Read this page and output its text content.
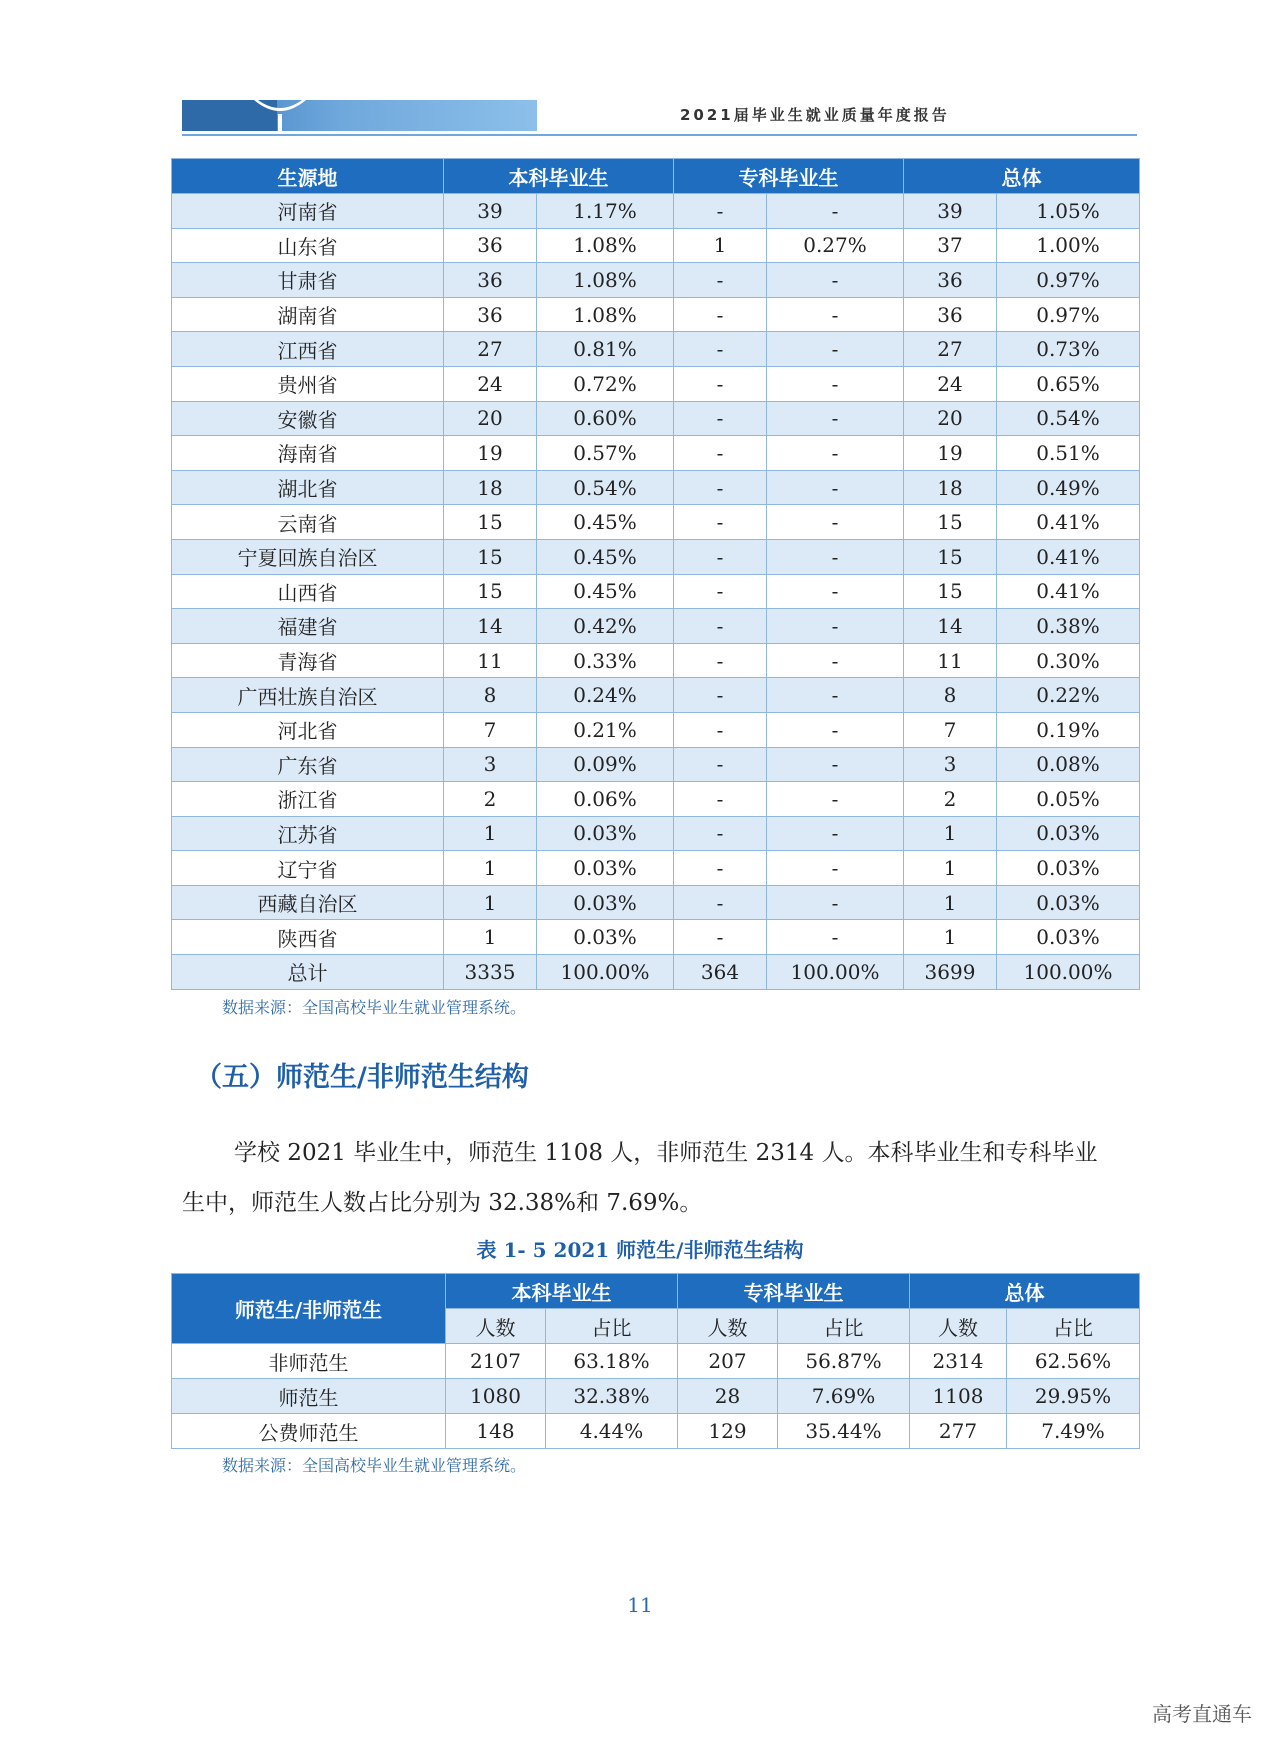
2021届毕业生就业质量年度报告
生源地	本科毕业生		专科毕业生		总体	
河南省	39	1.17%	-	-	39	1.05%
山东省	36	1.08%	1	0.27%	37	1.00%
甘肃省	36	1.08%	-	-	36	0.97%
湖南省	36	1.08%	-	-	36	0.97%
江西省	27	0.81%	-	-	27	0.73%
贵州省	24	0.72%	-	-	24	0.65%
安徽省	20	0.60%	-	-	20	0.54%
海南省	19	0.57%	-	-	19	0.51%
湖北省	18	0.54%	-	-	18	0.49%
云南省	15	0.45%	-	-	15	0.41%
宁夏回族自治区	15	0.45%	-	-	15	0.41%
山西省	15	0.45%	-	-	15	0.41%
福建省	14	0.42%	-	-	14	0.38%
青海省	11	0.33%	-	-	11	0.30%
广西壮族自治区	8	0.24%	-	-	8	0.22%
河北省	7	0.21%	-	-	7	0.19%
广东省	3	0.09%	-	-	3	0.08%
浙江省	2	0.06%	-	-	2	0.05%
江苏省	1	0.03%	-	-	1	0.03%
辽宁省	1	0.03%	-	-	1	0.03%
西藏自治区	1	0.03%	-	-	1	0.03%
陕西省	1	0.03%	-	-	1	0.03%
总计	3335	100.00%	364	100.00%	3699	100.00%
数据来源：全国高校毕业生就业管理系统。
（五）师范生/非师范生结构
学校 2021 毕业生中，师范生 1108 人，非师范生 2314 人。本科毕业生和专科毕业生中，师范生人数占比分别为 32.38%和 7.69%。
表 1- 5 2021 师范生/非师范生结构
师范生/非师范生	本科毕业生		专科毕业生		总体	
	人数	占比	人数	占比	人数	占比
非师范生	2107	63.18%	207	56.87%	2314	62.56%
师范生	1080	32.38%	28	7.69%	1108	29.95%
公费师范生	148	4.44%	129	35.44%	277	7.49%
数据来源：全国高校毕业生就业管理系统。
11
高考直通车
